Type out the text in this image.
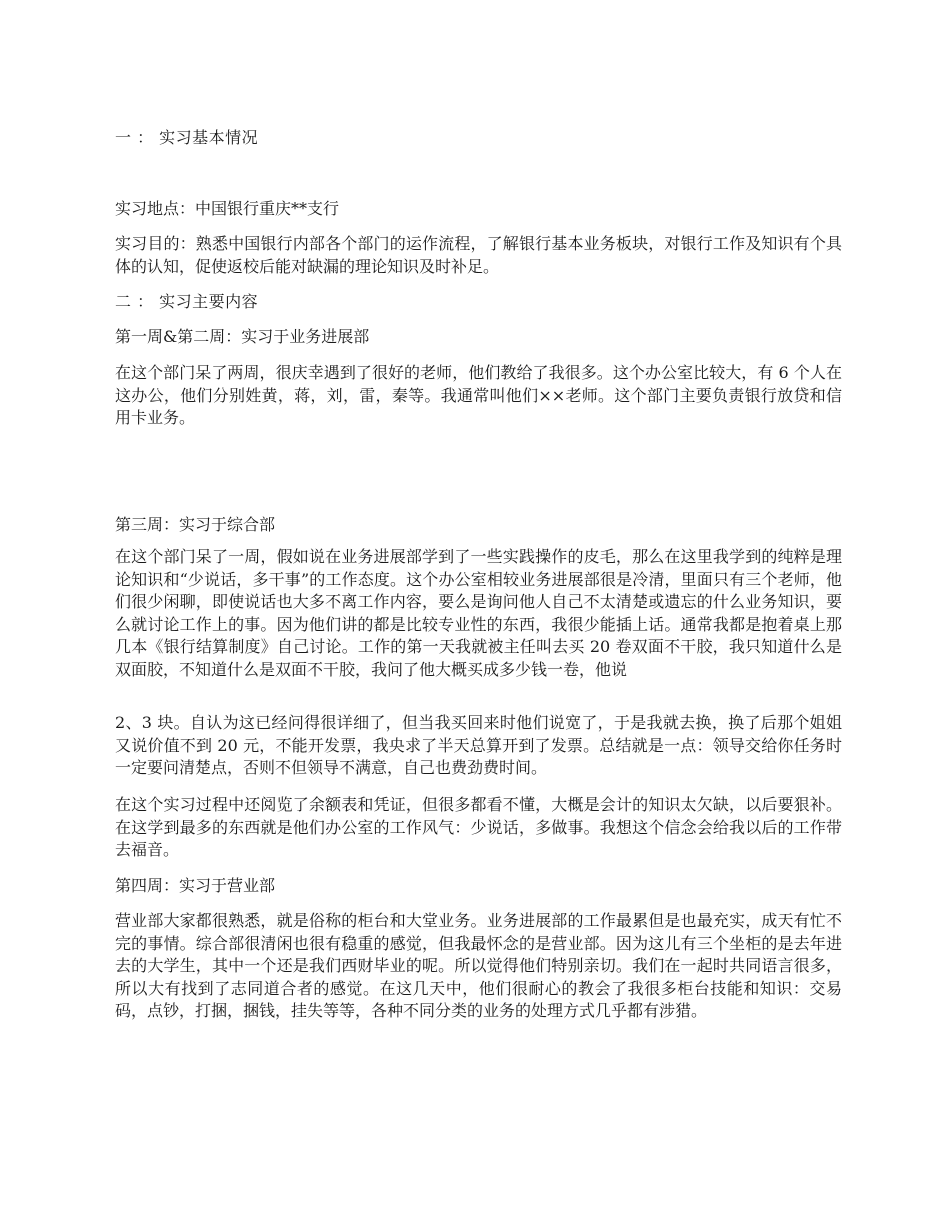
一 ： 实习基本情况

实习地点：中国银行重庆**支行

实习目的：熟悉中国银行内部各个部门的运作流程，了解银行基本业务板块，对银行工作及知识有个具体的认知，促使返校后能对缺漏的理论知识及时补足。

二 ： 实习主要内容

第一周&第二周：实习于业务进展部

在这个部门呆了两周，很庆幸遇到了很好的老师，他们教给了我很多。这个办公室比较大，有 6 个人在这办公，他们分别姓黄，蒋，刘，雷，秦等。我通常叫他们××老师。这个部门主要负责银行放贷和信用卡业务。

第三周：实习于综合部

在这个部门呆了一周，假如说在业务进展部学到了一些实践操作的皮毛，那么在这里我学到的纯粹是理论知识和“少说话，多干事”的工作态度。这个办公室相较业务进展部很是冷清，里面只有三个老师，他们很少闲聊，即使说话也大多不离工作内容，要么是询问他人自己不太清楚或遗忘的什么业务知识，要么就讨论工作上的事。因为他们讲的都是比较专业性的东西，我很少能插上话。通常我都是抱着桌上那几本《银行结算制度》自己讨论。工作的第一天我就被主任叫去买 20 卷双面不干胶，我只知道什么是双面胶，不知道什么是双面不干胶，我问了他大概买成多少钱一卷，他说

2、3 块。自认为这已经问得很详细了，但当我买回来时他们说宽了，于是我就去换，换了后那个姐姐又说价值不到 20 元，不能开发票，我央求了半天总算开到了发票。总结就是一点：领导交给你任务时一定要问清楚点，否则不但领导不满意，自己也费劲费时间。

在这个实习过程中还阅览了余额表和凭证，但很多都看不懂，大概是会计的知识太欠缺，以后要狠补。在这学到最多的东西就是他们办公室的工作风气：少说话，多做事。我想这个信念会给我以后的工作带去福音。

第四周：实习于营业部

营业部大家都很熟悉，就是俗称的柜台和大堂业务。业务进展部的工作最累但是也最充实，成天有忙不完的事情。综合部很清闲也很有稳重的感觉，但我最怀念的是营业部。因为这儿有三个坐柜的是去年进去的大学生，其中一个还是我们西财毕业的呢。所以觉得他们特别亲切。我们在一起时共同语言很多，所以大有找到了志同道合者的感觉。在这几天中，他们很耐心的教会了我很多柜台技能和知识：交易码，点钞，打捆，捆钱，挂失等等，各种不同分类的业务的处理方式几乎都有涉猎。
